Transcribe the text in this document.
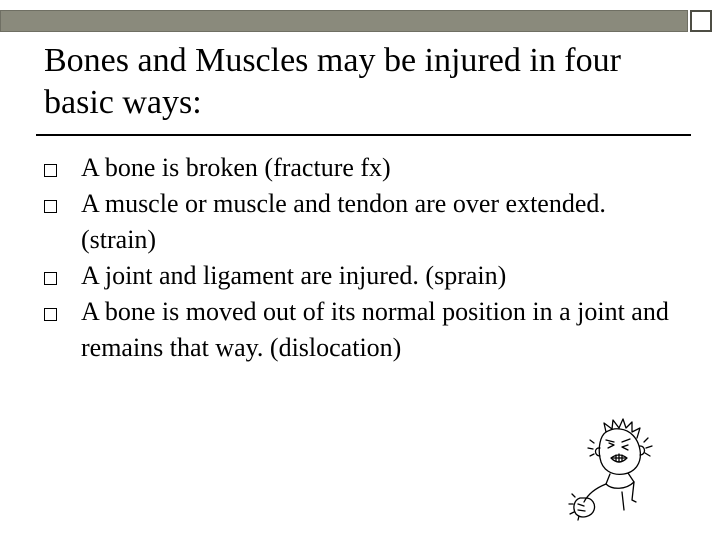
Bones and Muscles may be injured in four basic ways:
A bone is broken (fracture fx)
A muscle or muscle and tendon are over extended. (strain)
A joint and ligament are injured. (sprain)
A bone is moved out of its normal position in a joint and remains that way. (dislocation)
